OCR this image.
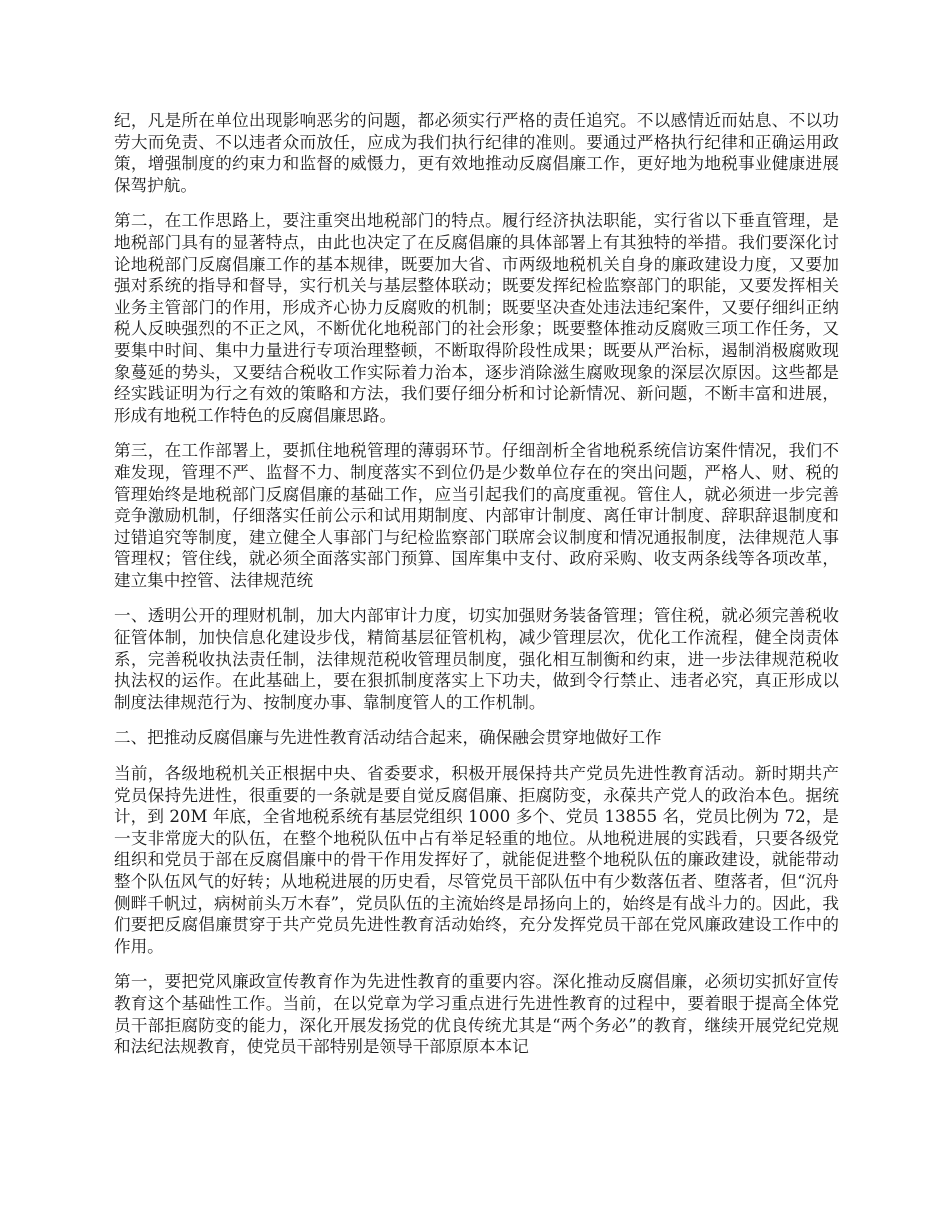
纪，凡是所在单位出现影响恶劣的问题，都必须实行严格的责任追究。不以感情近而姑息、不以功劳大而免责、不以违者众而放任，应成为我们执行纪律的准则。要通过严格执行纪律和正确运用政策，增强制度的约束力和监督的威慑力，更有效地推动反腐倡廉工作，更好地为地税事业健康进展保驾护航。

第二，在工作思路上，要注重突出地税部门的特点。履行经济执法职能，实行省以下垂直管理，是地税部门具有的显著特点，由此也决定了在反腐倡廉的具体部署上有其独特的举措。我们要深化讨论地税部门反腐倡廉工作的基本规律，既要加大省、市两级地税机关自身的廉政建设力度，又要加强对系统的指导和督导，实行机关与基层整体联动；既要发挥纪检监察部门的职能，又要发挥相关业务主管部门的作用，形成齐心协力反腐败的机制；既要坚决查处违法违纪案件，又要仔细纠正纳税人反映强烈的不正之风，不断优化地税部门的社会形象；既要整体推动反腐败三项工作任务，又要集中时间、集中力量进行专项治理整顿，不断取得阶段性成果；既要从严治标，遏制消极腐败现象蔓延的势头，又要结合税收工作实际着力治本，逐步消除滋生腐败现象的深层次原因。这些都是经实践证明为行之有效的策略和方法，我们要仔细分析和讨论新情况、新问题，不断丰富和进展，形成有地税工作特色的反腐倡廉思路。

第三，在工作部署上，要抓住地税管理的薄弱环节。仔细剖析全省地税系统信访案件情况，我们不难发现，管理不严、监督不力、制度落实不到位仍是少数单位存在的突出问题，严格人、财、税的管理始终是地税部门反腐倡廉的基础工作，应当引起我们的高度重视。管住人，就必须进一步完善竞争激励机制，仔细落实任前公示和试用期制度、内部审计制度、离任审计制度、辞职辞退制度和过错追究等制度，建立健全人事部门与纪检监察部门联席会议制度和情况通报制度，法律规范人事管理权；管住线，就必须全面落实部门预算、国库集中支付、政府采购、收支两条线等各项改革，建立集中控管、法律规范统

一、透明公开的理财机制，加大内部审计力度，切实加强财务装备管理；管住税，就必须完善税收征管体制，加快信息化建设步伐，精简基层征管机构，减少管理层次，优化工作流程，健全岗责体系，完善税收执法责任制，法律规范税收管理员制度，强化相互制衡和约束，进一步法律规范税收执法权的运作。在此基础上，要在狠抓制度落实上下功夫，做到令行禁止、违者必究，真正形成以制度法律规范行为、按制度办事、靠制度管人的工作机制。

二、把推动反腐倡廉与先进性教育活动结合起来，确保融会贯穿地做好工作

当前，各级地税机关正根据中央、省委要求，积极开展保持共产党员先进性教育活动。新时期共产党员保持先进性，很重要的一条就是要自觉反腐倡廉、拒腐防变，永葆共产党人的政治本色。据统计，到 20M 年底，全省地税系统有基层党组织 1000 多个、党员 13855 名，党员比例为 72，是一支非常庞大的队伍，在整个地税队伍中占有举足轻重的地位。从地税进展的实践看，只要各级党组织和党员于部在反腐倡廉中的骨干作用发挥好了，就能促进整个地税队伍的廉政建设，就能带动整个队伍风气的好转；从地税进展的历史看，尽管党员干部队伍中有少数落伍者、堕落者，但“沉舟侧畔千帆过，病树前头万木春”，党员队伍的主流始终是昂扬向上的，始终是有战斗力的。因此，我们要把反腐倡廉贯穿于共产党员先进性教育活动始终，充分发挥党员干部在党风廉政建设工作中的作用。

第一，要把党风廉政宣传教育作为先进性教育的重要内容。深化推动反腐倡廉，必须切实抓好宣传教育这个基础性工作。当前，在以党章为学习重点进行先进性教育的过程中，要着眼于提高全体党员干部拒腐防变的能力，深化开展发扬党的优良传统尤其是“两个务必”的教育，继续开展党纪党规和法纪法规教育，使党员干部特别是领导干部原原本本记
